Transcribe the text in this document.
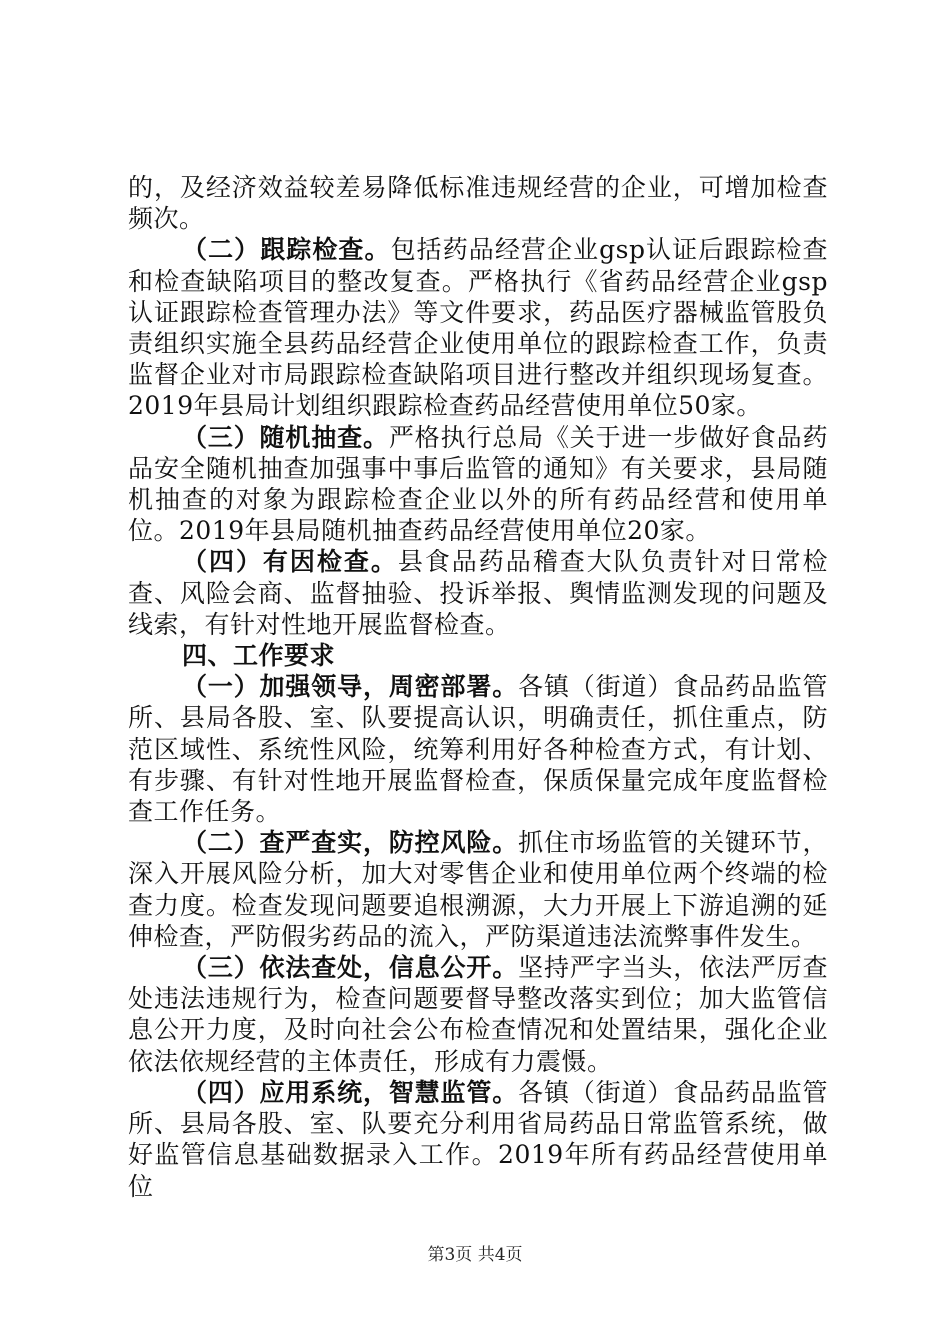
的，及经济效益较差易降低标准违规经营的企业，可增加检查频次。

（二）跟踪检查。包括药品经营企业gsp认证后跟踪检查和检查缺陷项目的整改复查。严格执行《省药品经营企业gsp认证跟踪检查管理办法》等文件要求，药品医疗器械监管股负责组织实施全县药品经营企业使用单位的跟踪检查工作，负责监督企业对市局跟踪检查缺陷项目进行整改并组织现场复查。2019年县局计划组织跟踪检查药品经营使用单位50家。

（三）随机抽查。严格执行总局《关于进一步做好食品药品安全随机抽查加强事中事后监管的通知》有关要求，县局随机抽查的对象为跟踪检查企业以外的所有药品经营和使用单位。2019年县局随机抽查药品经营使用单位20家。

（四）有因检查。县食品药品稽查大队负责针对日常检查、风险会商、监督抽验、投诉举报、舆情监测发现的问题及线索，有针对性地开展监督检查。

四、工作要求

（一）加强领导，周密部署。各镇（街道）食品药品监管所、县局各股、室、队要提高认识，明确责任，抓住重点，防范区域性、系统性风险，统筹利用好各种检查方式，有计划、有步骤、有针对性地开展监督检查，保质保量完成年度监督检查工作任务。

（二）查严查实，防控风险。抓住市场监管的关键环节，深入开展风险分析，加大对零售企业和使用单位两个终端的检查力度。检查发现问题要追根溯源，大力开展上下游追溯的延伸检查，严防假劣药品的流入，严防渠道违法流弊事件发生。

（三）依法查处，信息公开。坚持严字当头，依法严厉查处违法违规行为，检查问题要督导整改落实到位；加大监管信息公开力度，及时向社会公布检查情况和处置结果，强化企业依法依规经营的主体责任，形成有力震慑。

（四）应用系统，智慧监管。各镇（街道）食品药品监管所、县局各股、室、队要充分利用省局药品日常监管系统，做好监管信息基础数据录入工作。2019年所有药品经营使用单位

第3页 共4页
